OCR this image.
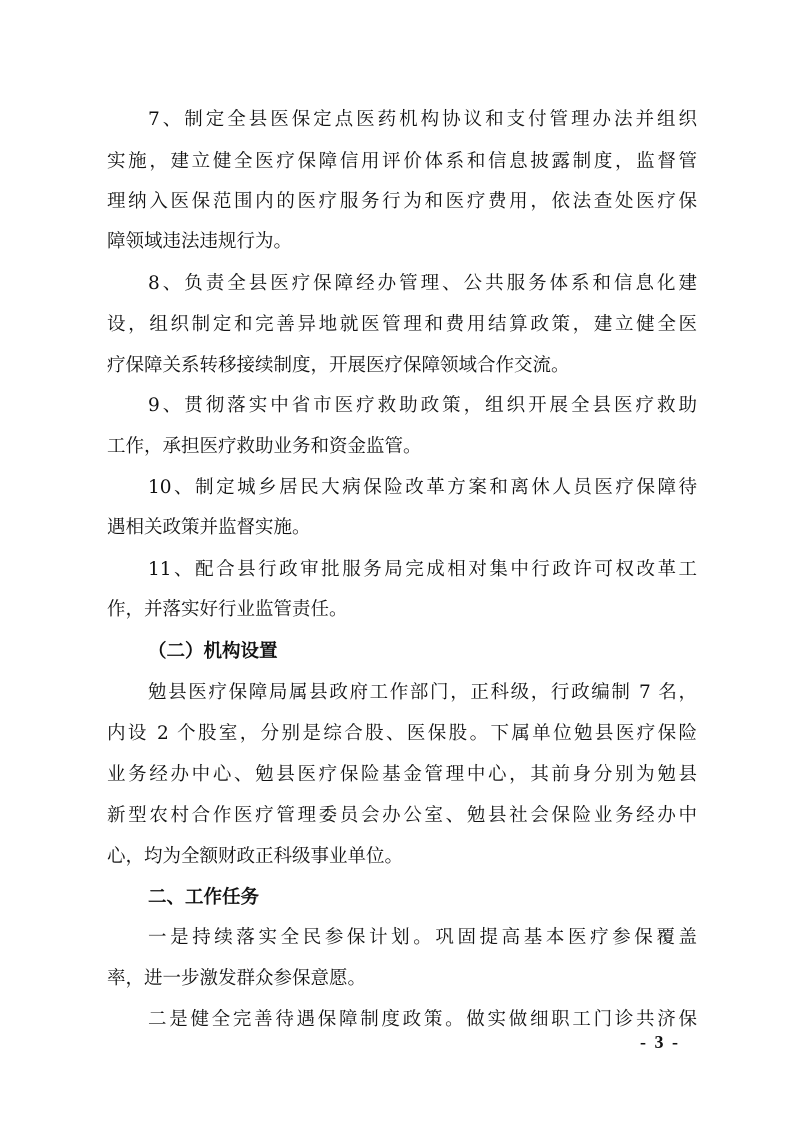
7、制定全县医保定点医药机构协议和支付管理办法并组织
实施，建立健全医疗保障信用评价体系和信息披露制度，监督管
理纳入医保范围内的医疗服务行为和医疗费用，依法查处医疗保
障领域违法违规行为。
8、负责全县医疗保障经办管理、公共服务体系和信息化建
设，组织制定和完善异地就医管理和费用结算政策，建立健全医
疗保障关系转移接续制度，开展医疗保障领域合作交流。
9、贯彻落实中省市医疗救助政策，组织开展全县医疗救助
工作，承担医疗救助业务和资金监管。
10、制定城乡居民大病保险改革方案和离休人员医疗保障待
遇相关政策并监督实施。
11、配合县行政审批服务局完成相对集中行政许可权改革工
作，并落实好行业监管责任。
（二）机构设置
勉县医疗保障局属县政府工作部门，正科级，行政编制 7 名，
内设 2 个股室，分别是综合股、医保股。下属单位勉县医疗保险
业务经办中心、勉县医疗保险基金管理中心，其前身分别为勉县
新型农村合作医疗管理委员会办公室、勉县社会保险业务经办中
心，均为全额财政正科级事业单位。
二、工作任务
一是持续落实全民参保计划。巩固提高基本医疗参保覆盖
率，进一步激发群众参保意愿。
二是健全完善待遇保障制度政策。做实做细职工门诊共济保
- 3 -
